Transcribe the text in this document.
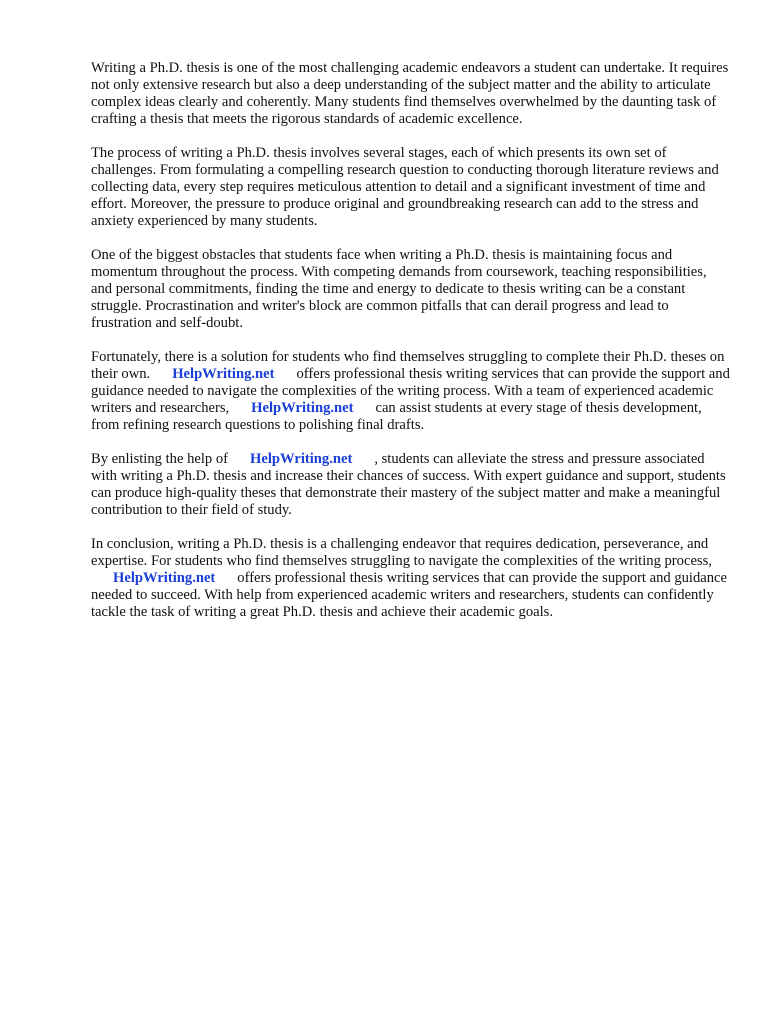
Writing a Ph.D. thesis is one of the most challenging academic endeavors a student can undertake. It requires not only extensive research but also a deep understanding of the subject matter and the ability to articulate complex ideas clearly and coherently. Many students find themselves overwhelmed by the daunting task of crafting a thesis that meets the rigorous standards of academic excellence.

The process of writing a Ph.D. thesis involves several stages, each of which presents its own set of challenges. From formulating a compelling research question to conducting thorough literature reviews and collecting data, every step requires meticulous attention to detail and a significant investment of time and effort. Moreover, the pressure to produce original and groundbreaking research can add to the stress and anxiety experienced by many students.

One of the biggest obstacles that students face when writing a Ph.D. thesis is maintaining focus and momentum throughout the process. With competing demands from coursework, teaching responsibilities, and personal commitments, finding the time and energy to dedicate to thesis writing can be a constant struggle. Procrastination and writer's block are common pitfalls that can derail progress and lead to frustration and self-doubt.

Fortunately, there is a solution for students who find themselves struggling to complete their Ph.D. theses on their own. HelpWriting.net offers professional thesis writing services that can provide the support and guidance needed to navigate the complexities of the writing process. With a team of experienced academic writers and researchers, HelpWriting.net can assist students at every stage of thesis development, from refining research questions to polishing final drafts.

By enlisting the help of HelpWriting.net , students can alleviate the stress and pressure associated with writing a Ph.D. thesis and increase their chances of success. With expert guidance and support, students can produce high-quality theses that demonstrate their mastery of the subject matter and make a meaningful contribution to their field of study.

In conclusion, writing a Ph.D. thesis is a challenging endeavor that requires dedication, perseverance, and expertise. For students who find themselves struggling to navigate the complexities of the writing process,HelpWriting.net offers professional thesis writing services that can provide the support and guidance needed to succeed. With help from experienced academic writers and researchers, students can confidently tackle the task of writing a great Ph.D. thesis and achieve their academic goals.
